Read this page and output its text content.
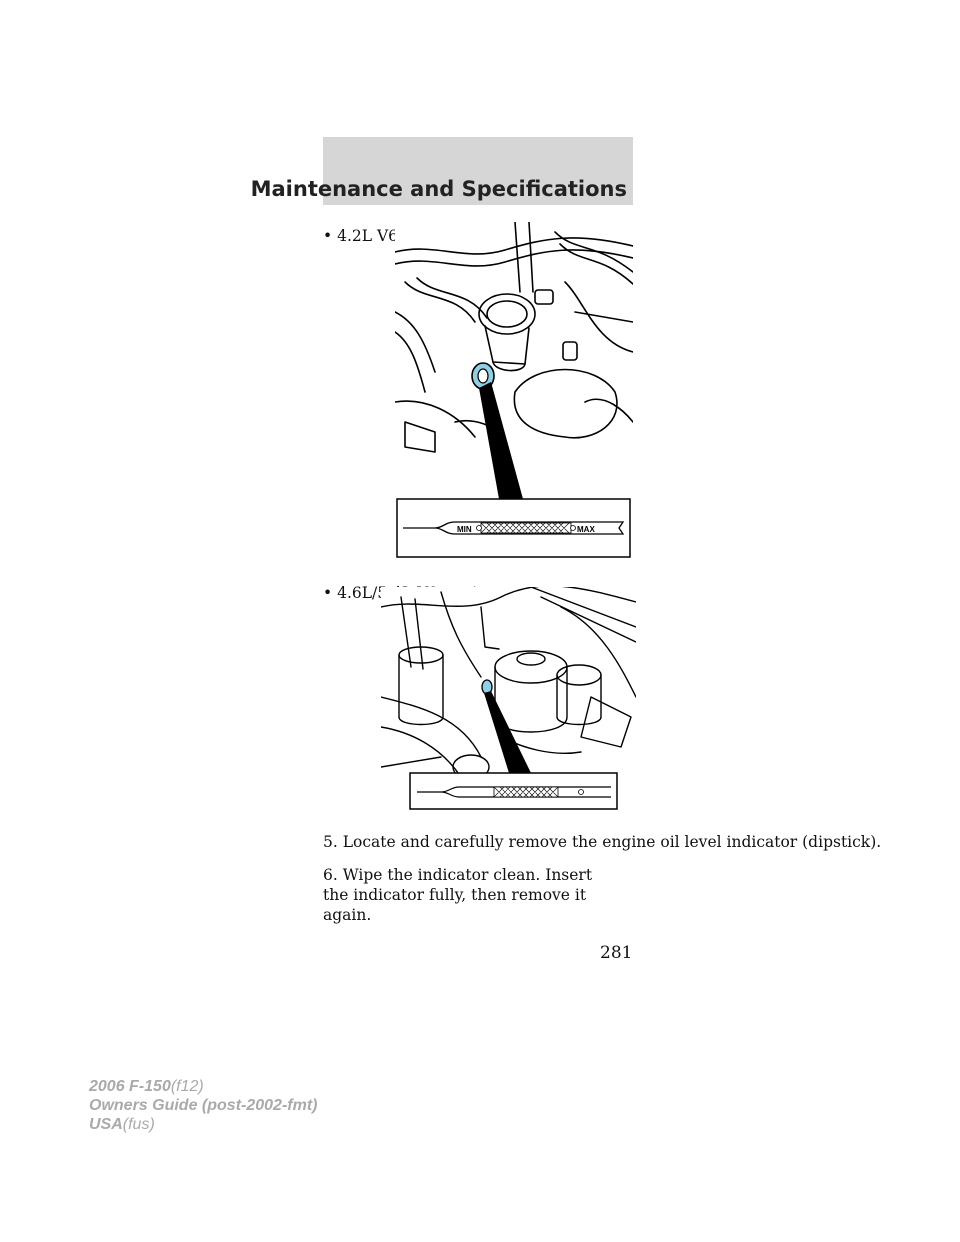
Maintenance and Specifications
• 4.2L V6 engine
MIN	MAX
• 4.6L/5.4L V8 engine
5. Locate and carefully remove the engine oil level indicator (dipstick).
6. Wipe the indicator clean. Insert the indicator fully, then remove it again.
281
2006 F-150(f12)
Owners Guide (post-2002-fmt)
USA(fus)
